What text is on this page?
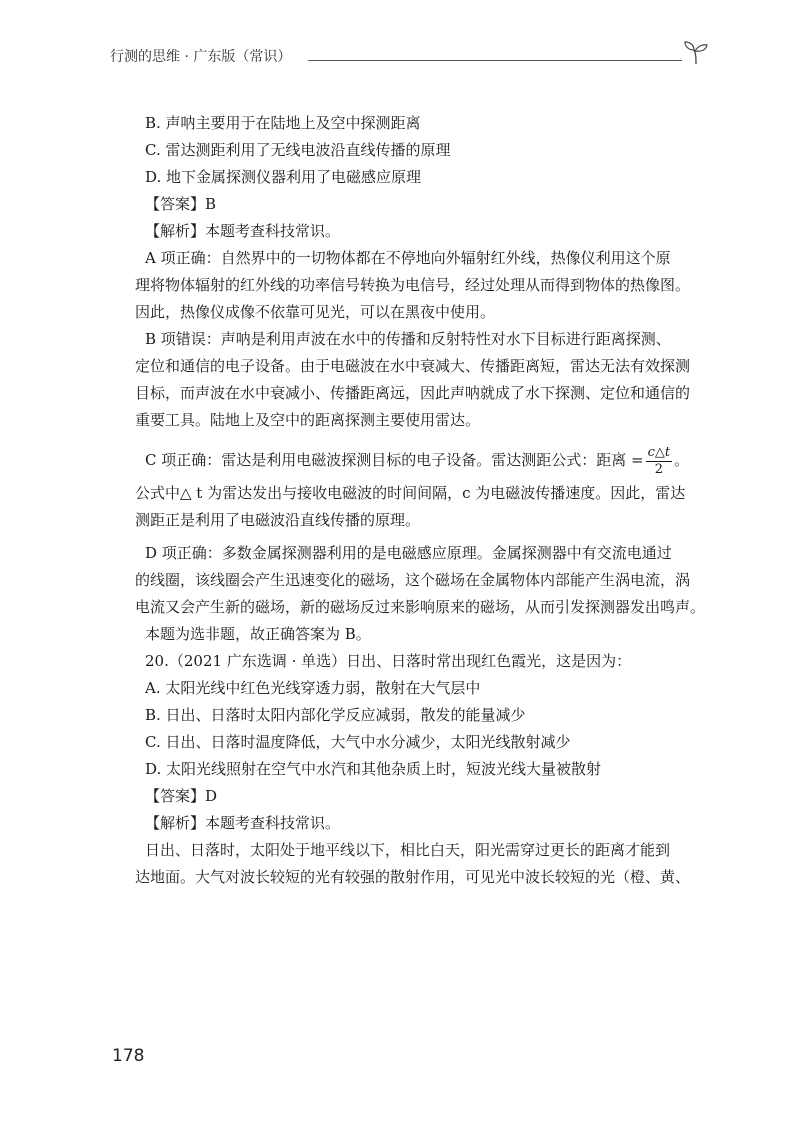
行测的思维 · 广东版（常识）
B. 声呐主要用于在陆地上及空中探测距离
C. 雷达测距利用了无线电波沿直线传播的原理
D. 地下金属探测仪器利用了电磁感应原理
【答案】B
【解析】本题考查科技常识。
A 项正确：自然界中的一切物体都在不停地向外辐射红外线，热像仪利用这个原
理将物体辐射的红外线的功率信号转换为电信号，经过处理从而得到物体的热像图。
因此，热像仪成像不依靠可见光，可以在黑夜中使用。
B 项错误：声呐是利用声波在水中的传播和反射特性对水下目标进行距离探测、
定位和通信的电子设备。由于电磁波在水中衰减大、传播距离短，雷达无法有效探测
目标，而声波在水中衰减小、传播距离远，因此声呐就成了水下探测、定位和通信的
重要工具。陆地上及空中的距离探测主要使用雷达。
C 项正确：雷达是利用电磁波探测目标的电子设备。雷达测距公式：距离 = $\frac{c\triangle t}{2}$ 。
公式中△ t 为雷达发出与接收电磁波的时间间隔，c 为电磁波传播速度。因此，雷达
测距正是利用了电磁波沿直线传播的原理。
D 项正确：多数金属探测器利用的是电磁感应原理。金属探测器中有交流电通过
的线圈，该线圈会产生迅速变化的磁场，这个磁场在金属物体内部能产生涡电流，涡
电流又会产生新的磁场，新的磁场反过来影响原来的磁场，从而引发探测器发出鸣声。
本题为选非题，故正确答案为 B。
20.（2021 广东选调 · 单选）日出、日落时常出现红色霞光，这是因为：
A. 太阳光线中红色光线穿透力弱，散射在大气层中
B. 日出、日落时太阳内部化学反应减弱，散发的能量减少
C. 日出、日落时温度降低，大气中水分减少，太阳光线散射减少
D. 太阳光线照射在空气中水汽和其他杂质上时，短波光线大量被散射
【答案】D
【解析】本题考查科技常识。
日出、日落时，太阳处于地平线以下，相比白天，阳光需穿过更长的距离才能到
达地面。大气对波长较短的光有较强的散射作用，可见光中波长较短的光（橙、黄、
178
